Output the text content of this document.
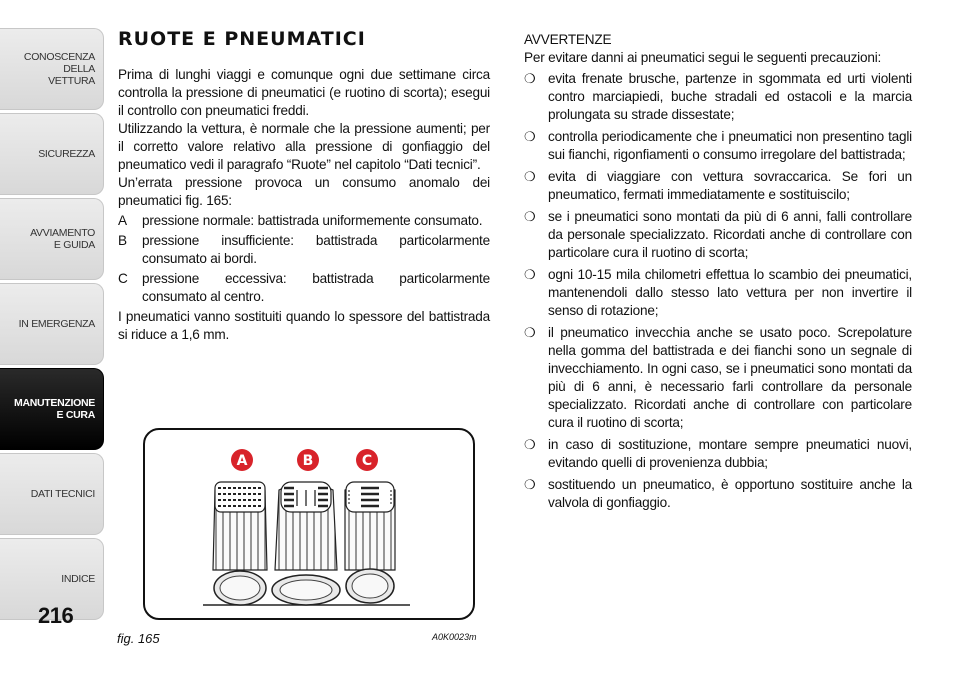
CONOSCENZA
DELLA
VETTURA
SICUREZZA
AVVIAMENTO
E GUIDA
IN EMERGENZA
MANUTENZIONE
E CURA
DATI TECNICI
INDICE
216
RUOTE E PNEUMATICI

Prima di lunghi viaggi e comunque ogni due settimane circa controlla la pressione di pneumatici (e ruotino di scorta); esegui il controllo con pneumatici freddi.

Utilizzando la vettura, è normale che la pressione aumenti; per il corretto valore relativo alla pressione di gonfiaggio del pneumatico vedi il paragrafo “Ruote” nel capitolo “Dati tecnici”.

Un’errata pressione provoca un consumo anomalo dei pneumatici fig. 165:

A pressione normale: battistrada uniformemente consumato.
B pressione insufficiente: battistrada particolarmente consumato ai bordi.
C pressione eccessiva: battistrada particolarmente consumato al centro.

I pneumatici vanno sostituiti quando lo spessore del battistrada si riduce a 1,6 mm.

A	B	C
fig. 165	A0K0023m

AVVERTENZE

Per evitare danni ai pneumatici segui le seguenti precauzioni:

❍ evita frenate brusche, partenze in sgommata ed urti violenti contro marciapiedi, buche stradali ed ostacoli e la marcia prolungata su strade dissestate;
❍ controlla periodicamente che i pneumatici non presentino tagli sui fianchi, rigonfiamenti o consumo irregolare del battistrada;
❍ evita di viaggiare con vettura sovraccarica. Se fori un pneumatico, fermati immediatamente e sostituiscilo;
❍ se i pneumatici sono montati da più di 6 anni, falli controllare da personale specializzato. Ricordati anche di controllare con particolare cura il ruotino di scorta;
❍ ogni 10-15 mila chilometri effettua lo scambio dei pneumatici, mantenendoli dallo stesso lato vettura per non invertire il senso di rotazione;
❍ il pneumatico invecchia anche se usato poco. Screpolature nella gomma del battistrada e dei fianchi sono un segnale di invecchiamento. In ogni caso, se i pneumatici sono montati da più di 6 anni, è necessario farli controllare da personale specializzato. Ricordati anche di controllare con particolare cura il ruotino di scorta;
❍ in caso di sostituzione, montare sempre pneumatici nuovi, evitando quelli di provenienza dubbia;
❍ sostituendo un pneumatico, è opportuno sostituire anche la valvola di gonfiaggio.
